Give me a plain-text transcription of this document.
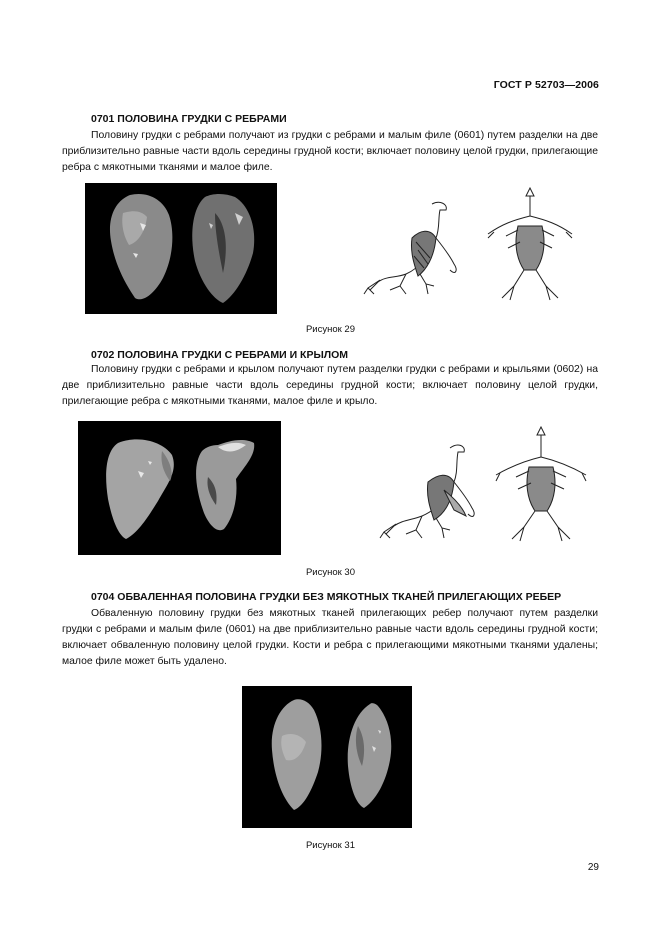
ГОСТ Р 52703—2006
0701 ПОЛОВИНА ГРУДКИ С РЕБРАМИ
Половину грудки с ребрами получают из грудки с ребрами и малым филе (0601) путем разделки на две приблизительно равные части вдоль середины грудной кости; включает половину целой грудки, прилегающие ребра с мякотными тканями и малое филе.
Рисунок 29
0702 ПОЛОВИНА ГРУДКИ С РЕБРАМИ И КРЫЛОМ
Половину грудки с ребрами и крылом получают путем разделки грудки с ребрами и крыльями (0602) на две приблизительно равные части вдоль середины грудной кости; включает половину целой грудки, прилегающие ребра с мякотными тканями, малое филе и крыло.
Рисунок 30
0704 ОБВАЛЕННАЯ ПОЛОВИНА ГРУДКИ БЕЗ МЯКОТНЫХ ТКАНЕЙ ПРИЛЕГАЮЩИХ РЕБЕР
Обваленную половину грудки без мякотных тканей прилегающих ребер получают путем разделки грудки с ребрами и малым филе (0601) на две приблизительно равные части вдоль середины грудной кости; включает обваленную половину целой грудки. Кости и ребра с прилегающими мякотными тканями удалены; малое филе может быть удалено.
Рисунок 31
29
